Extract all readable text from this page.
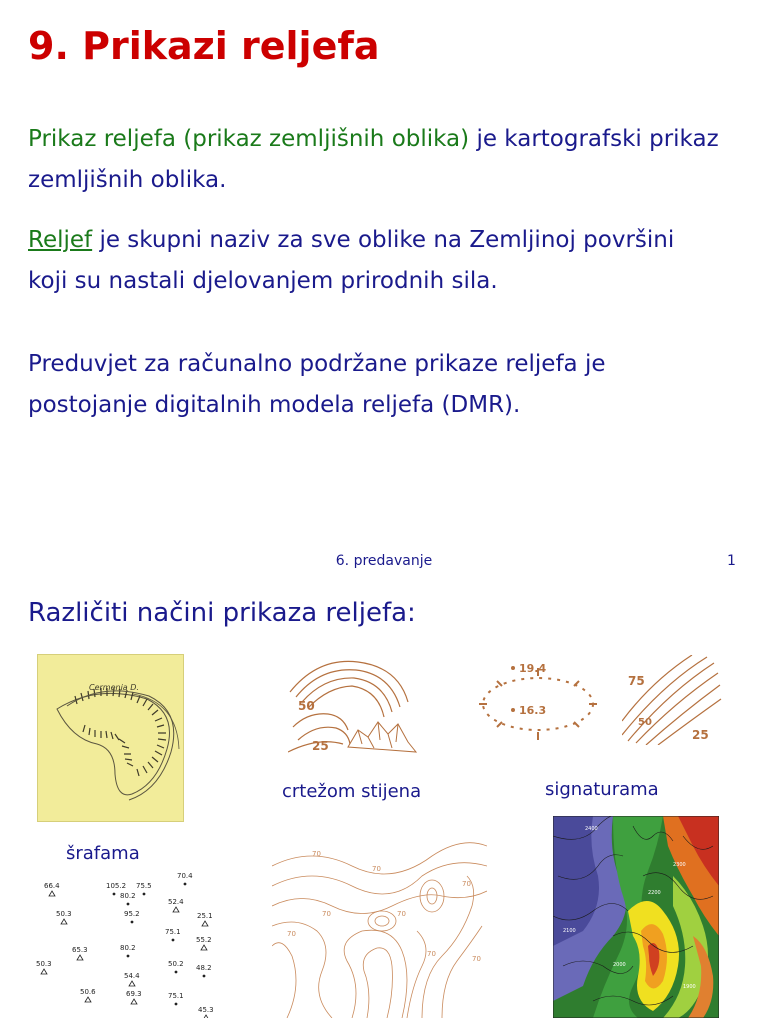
9. Prikazi reljefa
Prikaz reljefa (prikaz zemljišnih oblika) je kartografski prikaz
zemljišnih oblika.
Reljef je skupni naziv za sve oblike na Zemljinoj površini
koji su nastali djelovanjem prirodnih sila.
Preduvjet za računalno podržane prikaze reljefa je
postojanje digitalnih modela reljefa (DMR).
6. predavanje	1
Različiti načini prikaza reljefa:
Cermenia D.
50
25
19.4
16.3
75
50
25
crtežom stijena	signaturama
šrafama
66.4	105.2 75.5
70.4
80.2
52.4
50.3	95.2	25.1
75.1
55.2
65.3	80.2
50.3	50.2 48.2
54.4
50.6	69.3	75.1
45.3
70
70
70
70
70	70
70
70
2400
2300
2200
2100
2000
1900
